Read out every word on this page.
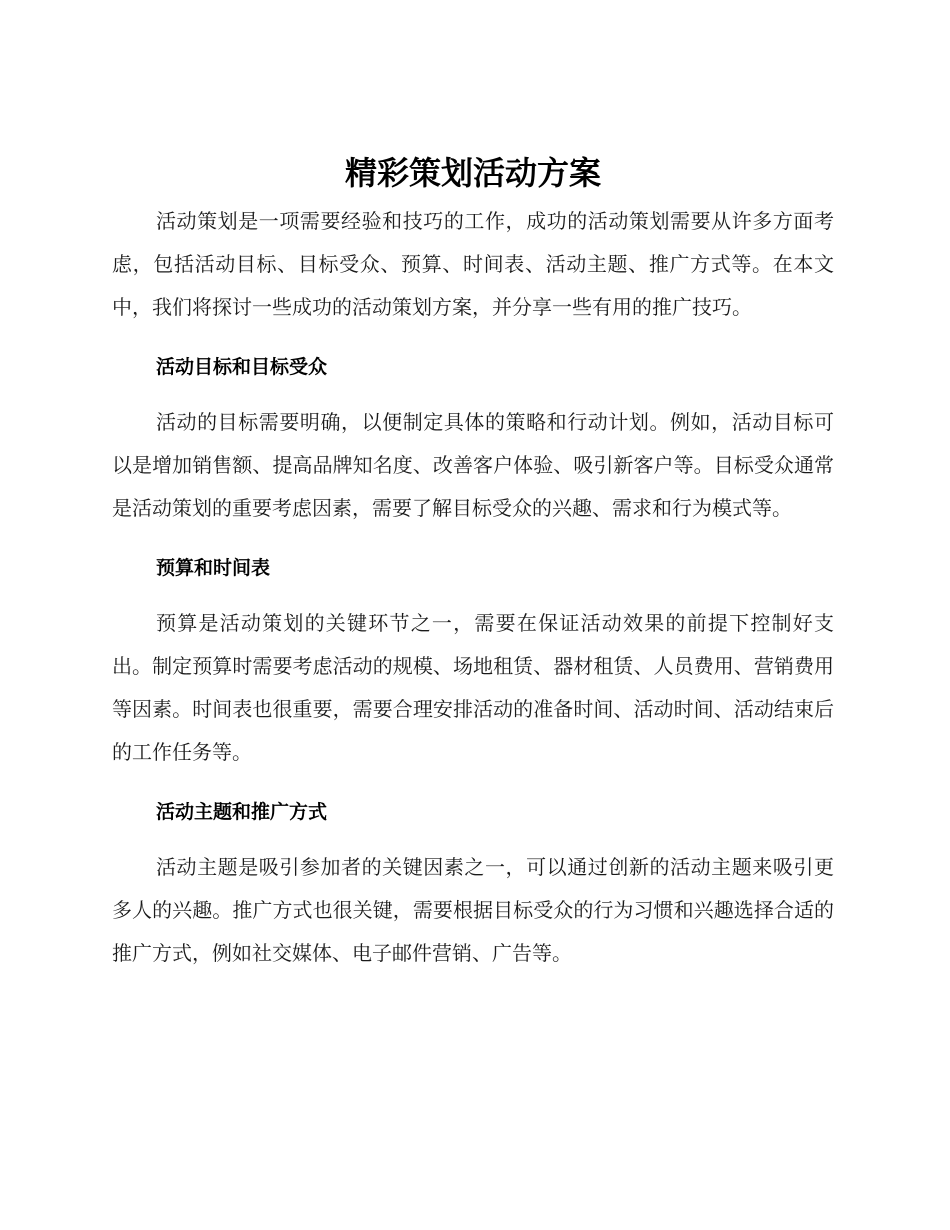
精彩策划活动方案

活动策划是一项需要经验和技巧的工作，成功的活动策划需要从许多方面考虑，包括活动目标、目标受众、预算、时间表、活动主题、推广方式等。在本文中，我们将探讨一些成功的活动策划方案，并分享一些有用的推广技巧。

活动目标和目标受众

活动的目标需要明确，以便制定具体的策略和行动计划。例如，活动目标可以是增加销售额、提高品牌知名度、改善客户体验、吸引新客户等。目标受众通常是活动策划的重要考虑因素，需要了解目标受众的兴趣、需求和行为模式等。

预算和时间表

预算是活动策划的关键环节之一，需要在保证活动效果的前提下控制好支出。制定预算时需要考虑活动的规模、场地租赁、器材租赁、人员费用、营销费用等因素。时间表也很重要，需要合理安排活动的准备时间、活动时间、活动结束后的工作任务等。

活动主题和推广方式

活动主题是吸引参加者的关键因素之一，可以通过创新的活动主题来吸引更多人的兴趣。推广方式也很关键，需要根据目标受众的行为习惯和兴趣选择合适的推广方式，例如社交媒体、电子邮件营销、广告等。
